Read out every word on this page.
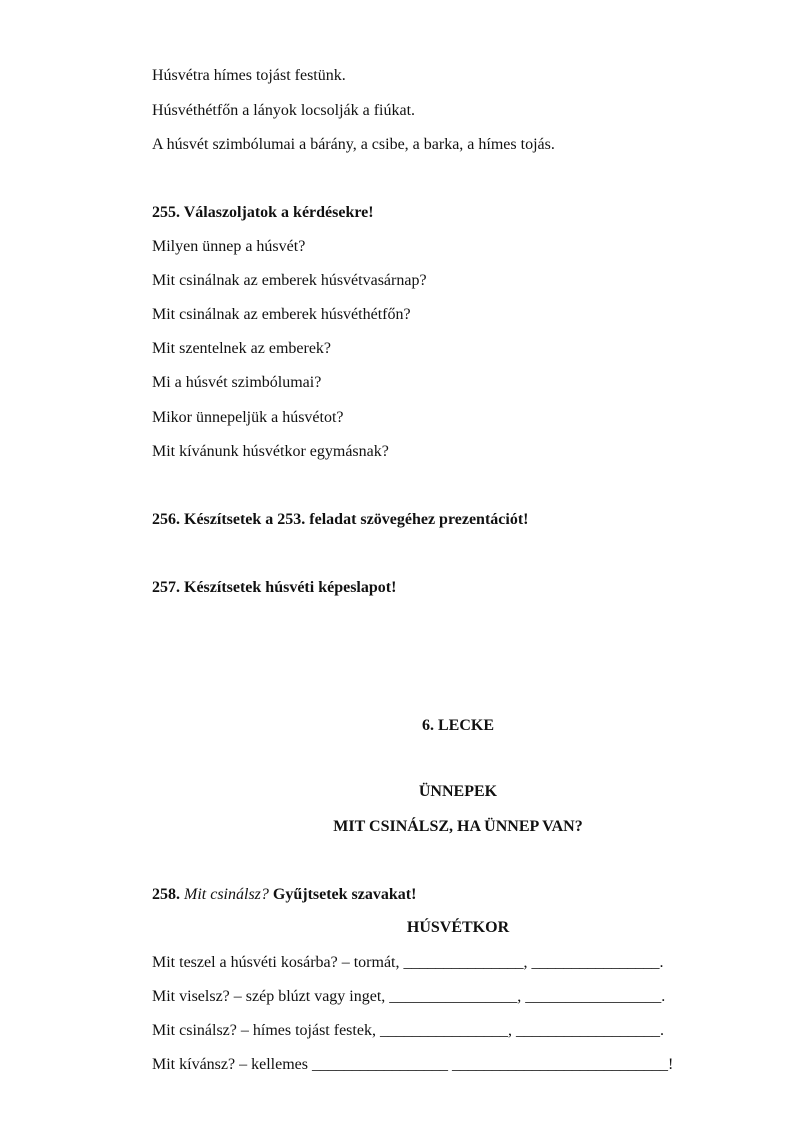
Húsvétra hímes tojást festünk.
Húsvéthétfőn a lányok locsolják a fiúkat.
A húsvét szimbólumai a bárány, a csibe, a barka, a hímes tojás.
255. Válaszoljatok a kérdésekre!
Milyen ünnep a húsvét?
Mit csinálnak az emberek húsvétvasárnap?
Mit csinálnak az emberek húsvéthétfőn?
Mit szentelnek az emberek?
Mi a húsvét szimbólumai?
Mikor ünnepeljük a húsvétot?
Mit kívánunk húsvétkor egymásnak?
256. Készítsetek a 253. feladat szövegéhez prezentációt!
257. Készítsetek húsvéti képeslapot!
6. LECKE
ÜNNEPEK
MIT CSINÁLSZ, HA ÜNNEP VAN?
258. Mit csinálsz? Gyűjtsetek szavakat!
HÚSVÉTKOR
Mit teszel a húsvéti kosárba? – tormát, _______________, ________________.
Mit viselsz? – szép blúzt vagy inget, ________________, _________________.
Mit csinálsz? – hímes tojást festek, ________________, __________________.
Mit kívánsz? – kellemes _________________ ___________________________!
